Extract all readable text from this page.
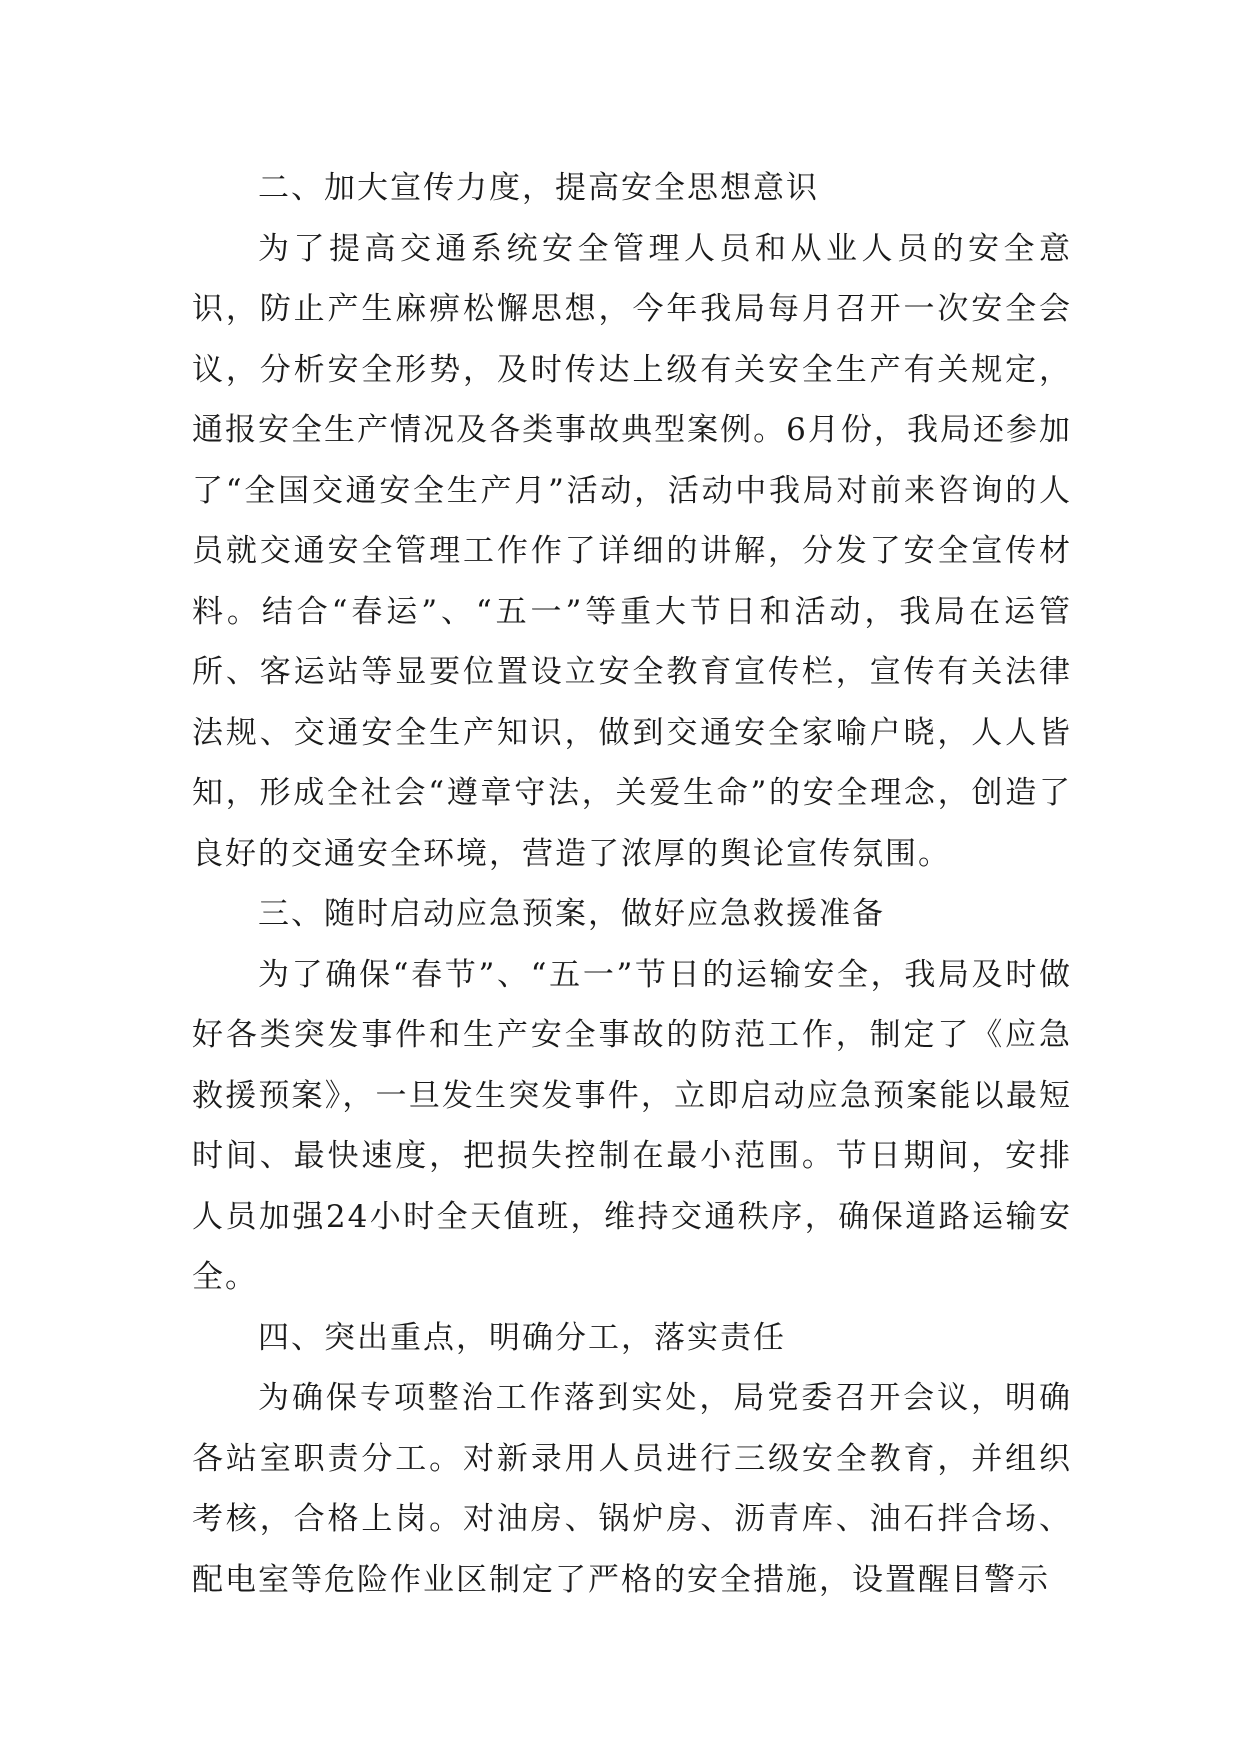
二、加大宣传力度，提高安全思想意识

为了提高交通系统安全管理人员和从业人员的安全意识，防止产生麻痹松懈思想，今年我局每月召开一次安全会议，分析安全形势，及时传达上级有关安全生产有关规定，通报安全生产情况及各类事故典型案例。6月份，我局还参加了“全国交通安全生产月”活动，活动中我局对前来咨询的人员就交通安全管理工作作了详细的讲解，分发了安全宣传材料。结合“春运”、“五一”等重大节日和活动，我局在运管所、客运站等显要位置设立安全教育宣传栏，宣传有关法律法规、交通安全生产知识，做到交通安全家喻户晓，人人皆知，形成全社会“遵章守法，关爱生命”的安全理念，创造了良好的交通安全环境，营造了浓厚的舆论宣传氛围。

三、随时启动应急预案，做好应急救援准备

为了确保“春节”、“五一”节日的运输安全，我局及时做好各类突发事件和生产安全事故的防范工作，制定了《应急救援预案》，一旦发生突发事件，立即启动应急预案能以最短时间、最快速度，把损失控制在最小范围。节日期间，安排人员加强24小时全天值班，维持交通秩序，确保道路运输安全。

四、突出重点，明确分工，落实责任

为确保专项整治工作落到实处，局党委召开会议，明确各站室职责分工。对新录用人员进行三级安全教育，并组织考核，合格上岗。对油房、锅炉房、沥青库、油石拌合场、配电室等危险作业区制定了严格的安全措施，设置醒目警示
